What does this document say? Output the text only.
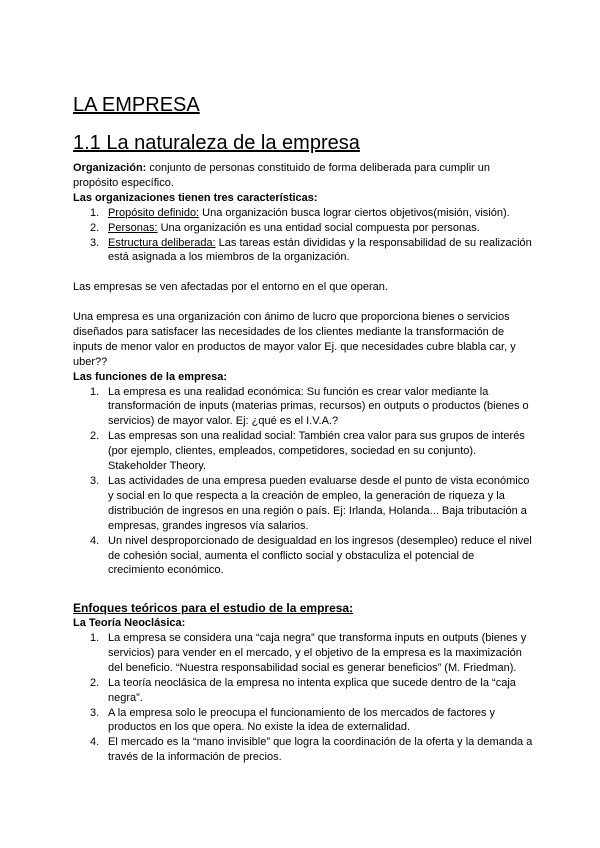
LA EMPRESA
1.1 La naturaleza de la empresa

Organización: conjunto de personas constituido de forma deliberada para cumplir un propósito específico.

Las organizaciones tienen tres características:

1. Propósito definido: Una organización busca lograr ciertos objetivos(misión, visión).
2. Personas: Una organización es una entidad social compuesta por personas.
3. Estructura deliberada: Las tareas están divididas y la responsabilidad de su realización está asignada a los miembros de la organización.

Las empresas se ven afectadas por el entorno en el que operan.

Una empresa es una organización con ánimo de lucro que proporciona bienes o servicios diseñados para satisfacer las necesidades de los clientes mediante la transformación de inputs de menor valor en productos de mayor valor Ej. que necesidades cubre blabla car, y uber??

Las funciones de la empresa:

1. La empresa es una realidad económica: Su función es crear valor mediante la transformación de inputs (materias primas, recursos) en outputs o productos (bienes o servicios) de mayor valor. Ej: ¿qué es el I.V.A.?
2. Las empresas son una realidad social: También crea valor para sus grupos de interés (por ejemplo, clientes, empleados, competidores, sociedad en su conjunto). Stakeholder Theory.
3. Las actividades de una empresa pueden evaluarse desde el punto de vista económico y social en lo que respecta a la creación de empleo, la generación de riqueza y la distribución de ingresos en una región o país. Ej: Irlanda, Holanda... Baja tributación a empresas, grandes ingresos vía salarios.
4. Un nivel desproporcionado de desigualdad en los ingresos (desempleo) reduce el nivel de cohesión social, aumenta el conflicto social y obstaculiza el potencial de crecimiento económico.

Enfoques teóricos para el estudio de la empresa:

La Teoría Neoclásica:

1. La empresa se considera una “caja negra” que transforma inputs en outputs (bienes y servicios) para vender en el mercado, y el objetivo de la empresa es la maximización del beneficio. “Nuestra responsabilidad social es generar beneficios” (M. Friedman).
2. La teoría neoclásica de la empresa no intenta explica que sucede dentro de la “caja negra”.
3. A la empresa solo le preocupa el funcionamiento de los mercados de factores y productos en los que opera. No existe la idea de externalidad.
4. El mercado es la “mano invisible” que logra la coordinación de la oferta y la demanda a través de la información de precios.
